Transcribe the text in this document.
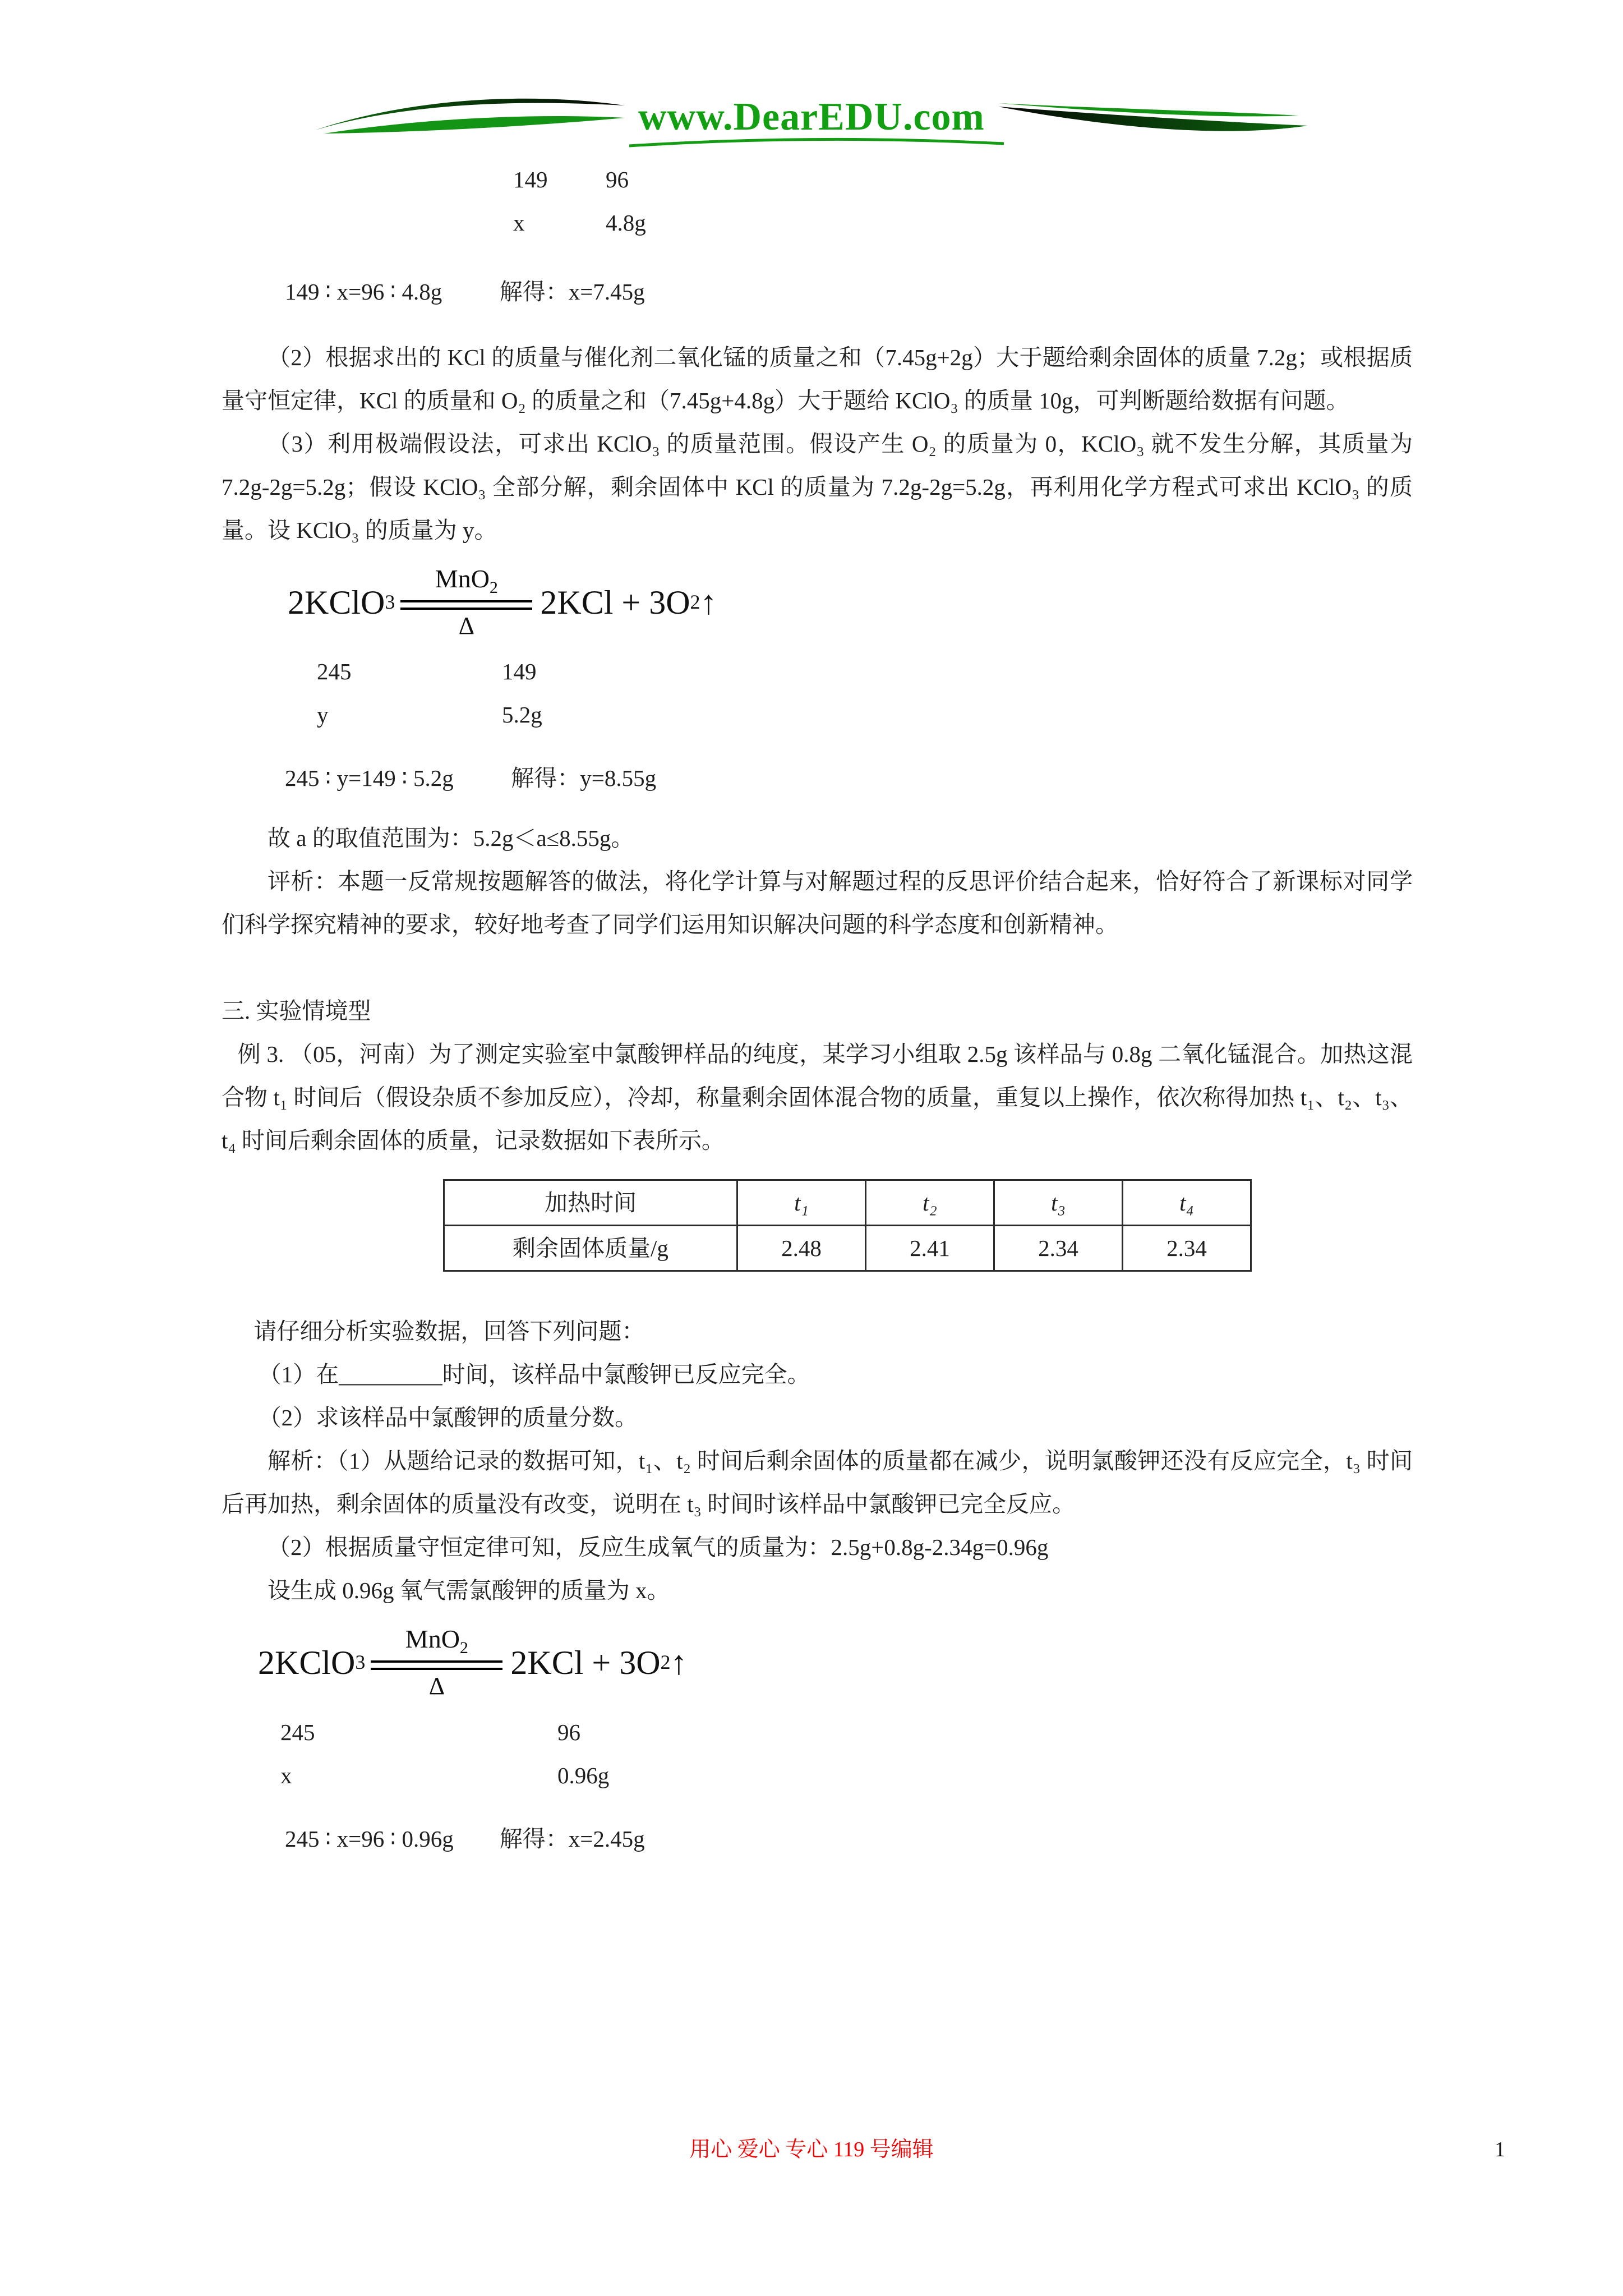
www.DearEDU.com
149	96
x	4.8g
149 ∶ x=96 ∶ 4.8g          解得：x=7.45g

（2）根据求出的 KCl 的质量与催化剂二氧化锰的质量之和（7.45g+2g）大于题给剩余固体的质量 7.2g；或根据质量守恒定律，KCl 的质量和 O₂ 的质量之和（7.45g+4.8g）大于题给 KClO₃ 的质量 10g，可判断题给数据有问题。

（3）利用极端假设法，可求出 KClO₃ 的质量范围。假设产生 O₂ 的质量为 0，KClO₃ 就不发生分解，其质量为 7.2g-2g=5.2g；假设 KClO₃ 全部分解，剩余固体中 KCl 的质量为 7.2g-2g=5.2g，再利用化学方程式可求出 KClO₃ 的质量。设 KClO₃ 的质量为 y。

2KClO 3
MnO$_2$
Δ
2KCl + 3O 2 ↑
245	149
y	5.2g
245 ∶ y=149 ∶ 5.2g          解得：y=8.55g
故 a 的取值范围为：5.2g＜a≤8.55g。

评析：本题一反常规按题解答的做法，将化学计算与对解题过程的反思评价结合起来，恰好符合了新课标对同学们科学探究精神的要求，较好地考查了同学们运用知识解决问题的科学态度和创新精神。

三. 实验情境型

例 3. （05，河南）为了测定实验室中氯酸钾样品的纯度，某学习小组取 2.5g 该样品与 0.8g 二氧化锰混合。加热这混合物 t₁ 时间后（假设杂质不参加反应），冷却，称量剩余固体混合物的质量，重复以上操作，依次称得加热 t₁、t₂、t₃、t₄ 时间后剩余固体的质量，记录数据如下表所示。

加热时间	t₁	t₂	t₃	t₄
剩余固体质量/g	2.48	2.41	2.34	2.34
请仔细分析实验数据，回答下列问题：
（1）在_________时间，该样品中氯酸钾已反应完全。
（2）求该样品中氯酸钾的质量分数。

解析：（1）从题给记录的数据可知，t₁、t₂ 时间后剩余固体的质量都在减少，说明氯酸钾还没有反应完全，t₃ 时间后再加热，剩余固体的质量没有改变，说明在 t₃ 时间时该样品中氯酸钾已完全反应。

（2）根据质量守恒定律可知，反应生成氧气的质量为：2.5g+0.8g-2.34g=0.96g
设生成 0.96g 氧气需氯酸钾的质量为 x。
2KClO 3
MnO$_2$
Δ
2KCl + 3O 2 ↑
245	96
x	0.96g
245 ∶ x=96 ∶ 0.96g        解得：x=2.45g
用心 爱心 专心 119 号编辑	1
